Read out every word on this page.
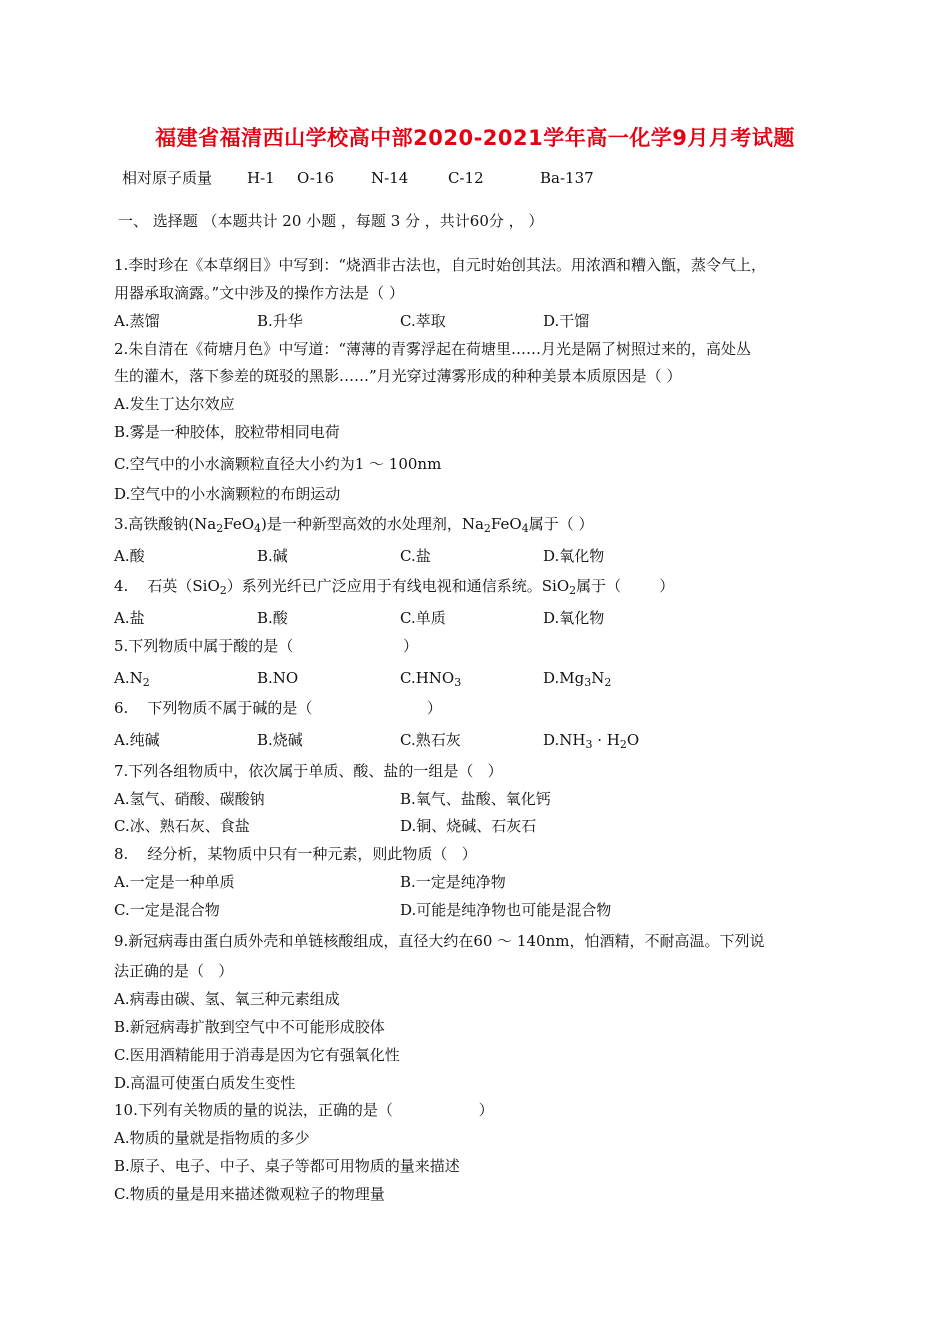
福建省福清西山学校高中部2020-2021学年高一化学9月月考试题
相对原子质量 H-1 O-16 N-14	C-12	Ba-137
一、 选择题 （本题共计 20 小题 ，每题 3 分 ，共计60分 ， ）
1.李时珍在《本草纲目》中写到：“烧酒非古法也，自元时始创其法。用浓酒和糟入甑，蒸令气上，
用器承取滴露。”文中涉及的操作方法是（ ）
A.蒸馏	B.升华	C.萃取	D.干馏
2.朱自清在《荷塘月色》中写道：“薄薄的青雾浮起在荷塘里……月光是隔了树照过来的，高处丛
生的灌木，落下参差的斑驳的黑影……”月光穿过薄雾形成的种种美景本质原因是（ ）
A.发生丁达尔效应
B.雾是一种胶体，胶粒带相同电荷
C.空气中的小水滴颗粒直径大小约为1 ～ 100nm
D.空气中的小水滴颗粒的布朗运动
3.高铁酸钠$(Na_2FeO_4)$是一种新型高效的水处理剂，$Na_2FeO_4$属于（ ）
A.酸	B.碱	C.盐	D.氧化物
4.    石英（SiO$_2$）系列光纤已广泛应用于有线电视和通信系统。SiO$_2$属于（        ）
A.盐	B.酸	C.单质	D.氧化物
5.下列物质中属于酸的是（                       ）
$A.N_2$	B.NO	$C.HNO_3$	$D.Mg_3N_2$
6.    下列物质不属于碱的是（                        ）
A.纯碱	B.烧碱	C.熟石灰	$D.NH_3 \cdot H_2O$
7.下列各组物质中，依次属于单质、酸、盐的一组是（   ）
A.氢气、硝酸、碳酸钠	B.氧气、盐酸、氧化钙
C.冰、熟石灰、食盐	D.铜、烧碱、石灰石
8.    经分析，某物质中只有一种元素，则此物质（   ）
A.一定是一种单质	B.一定是纯净物
C.一定是混合物	D.可能是纯净物也可能是混合物
9.新冠病毒由蛋白质外壳和单链核酸组成，直径大约在60 ～ 140nm，怕酒精，不耐高温。下列说
法正确的是（   ）
A.病毒由碳、氢、氧三种元素组成
B.新冠病毒扩散到空气中不可能形成胶体
C.医用酒精能用于消毒是因为它有强氧化性
D.高温可使蛋白质发生变性
10.下列有关物质的量的说法，正确的是（                  ）
A.物质的量就是指物质的多少
B.原子、电子、中子、桌子等都可用物质的量来描述
C.物质的量是用来描述微观粒子的物理量
